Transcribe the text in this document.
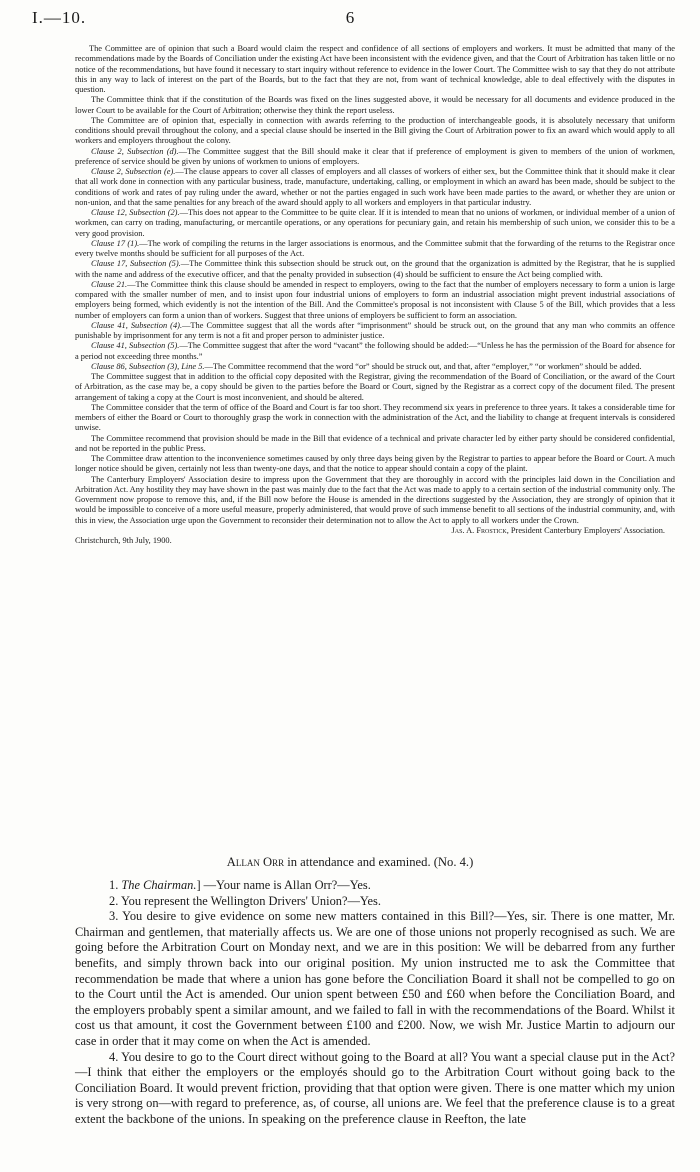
6
I.—10.

The Committee are of opinion that such a Board would claim the respect and confidence of all sections of employers and workers. It must be admitted that many of the recommendations made by the Boards of Conciliation under the existing Act have been inconsistent with the evidence given, and that the Court of Arbitration has taken little or no notice of the recommendations, but have found it necessary to start inquiry without reference to evidence in the lower Court. The Committee wish to say that they do not attribute this in any way to lack of interest on the part of the Boards, but to the fact that they are not, from want of technical knowledge, able to deal effectively with the disputes in question.

The Committee think that if the constitution of the Boards was fixed on the lines suggested above, it would be necessary for all documents and evidence produced in the lower Court to be available for the Court of Arbitration; otherwise they think the report useless.

The Committee are of opinion that, especially in connection with awards referring to the production of interchangeable goods, it is absolutely necessary that uniform conditions should prevail throughout the colony, and a special clause should be inserted in the Bill giving the Court of Arbitration power to fix an award which would apply to all workers and employers throughout the colony.

Clause 2, Subsection (d).—The Committee suggest that the Bill should make it clear that if preference of employment is given to members of the union of workmen, preference of service should be given by unions of workmen to unions of employers.

Clause 2, Subsection (e).—The clause appears to cover all classes of employers and all classes of workers of either sex, but the Committee think that it should make it clear that all work done in connection with any particular business, trade, manufacture, undertaking, calling, or employment in which an award has been made, should be subject to the conditions of work and rates of pay ruling under the award, whether or not the parties engaged in such work have been made parties to the award, or whether they are union or non-union, and that the same penalties for any breach of the award should apply to all workers and employers in that particular industry.

Clause 12, Subsection (2).—This does not appear to the Committee to be quite clear. If it is intended to mean that no unions of workmen, or individual member of a union of workmen, can carry on trading, manufacturing, or mercantile operations, or any operations for pecuniary gain, and retain his membership of such union, we consider this to be a very good provision.

Clause 17 (1).—The work of compiling the returns in the larger associations is enormous, and the Committee submit that the forwarding of the returns to the Registrar once every twelve months should be sufficient for all purposes of the Act.

Clause 17, Subsection (5).—The Committee think this subsection should be struck out, on the ground that the organization is admitted by the Registrar, that he is supplied with the name and address of the executive officer, and that the penalty provided in subsection (4) should be sufficient to ensure the Act being complied with.

Clause 21.—The Committee think this clause should be amended in respect to employers, owing to the fact that the number of employers necessary to form a union is large compared with the smaller number of men, and to insist upon four industrial unions of employers to form an industrial association might prevent industrial associations of employers being formed, which evidently is not the intention of the Bill. And the Committee's proposal is not inconsistent with Clause 5 of the Bill, which provides that a less number of employers can form a union than of workers. Suggest that three unions of employers be sufficient to form an association.

Clause 41, Subsection (4).—The Committee suggest that all the words after “imprisonment” should be struck out, on the ground that any man who commits an offence punishable by imprisonment for any term is not a fit and proper person to administer justice.

Clause 41, Subsection (5).—The Committee suggest that after the word “vacant” the following should be added:—“Unless he has the permission of the Board for absence for a period not exceeding three months.”

Clause 86, Subsection (3), Line 5.—The Committee recommend that the word “or” should be struck out, and that, after “employer,” “or workmen” should be added.

The Committee suggest that in addition to the official copy deposited with the Registrar, giving the recommendation of the Board of Conciliation, or the award of the Court of Arbitration, as the case may be, a copy should be given to the parties before the Board or Court, signed by the Registrar as a correct copy of the document filed. The present arrangement of taking a copy at the Court is most inconvenient, and should be altered.

The Committee consider that the term of office of the Board and Court is far too short. They recommend six years in preference to three years. It takes a considerable time for members of either the Board or Court to thoroughly grasp the work in connection with the administration of the Act, and the liability to change at frequent intervals is considered unwise.

The Committee recommend that provision should be made in the Bill that evidence of a technical and private character led by either party should be considered confidential, and not be reported in the public Press.

The Committee draw attention to the inconvenience sometimes caused by only three days being given by the Registrar to parties to appear before the Board or Court. A much longer notice should be given, certainly not less than twenty-one days, and that the notice to appear should contain a copy of the plaint.

The Canterbury Employers' Association desire to impress upon the Government that they are thoroughly in accord with the principles laid down in the Conciliation and Arbitration Act. Any hostility they may have shown in the past was mainly due to the fact that the Act was made to apply to a certain section of the industrial community only. The Government now propose to remove this, and, if the Bill now before the House is amended in the directions suggested by the Association, they are strongly of opinion that it would be impossible to conceive of a more useful measure, properly administered, that would prove of such immense benefit to all sections of the industrial community, and, with this in view, the Association urge upon the Government to reconsider their determination not to allow the Act to apply to all workers under the Crown.

Jas. A. Frostick, President Canterbury Employers' Association.

Christchurch, 9th July, 1900.

Allan Orr in attendance and examined. (No. 4.)

1. The Chairman.] —Your name is Allan Orr?—Yes.

2. You represent the Wellington Drivers' Union?—Yes.

3. You desire to give evidence on some new matters contained in this Bill?—Yes, sir. There is one matter, Mr. Chairman and gentlemen, that materially affects us. We are one of those unions not properly recognised as such. We are going before the Arbitration Court on Monday next, and we are in this position: We will be debarred from any further benefits, and simply thrown back into our original position. My union instructed me to ask the Committee that recommendation be made that where a union has gone before the Conciliation Board it shall not be compelled to go on to the Court until the Act is amended. Our union spent between £50 and £60 when before the Conciliation Board, and the employers probably spent a similar amount, and we failed to fall in with the recommendations of the Board. Whilst it cost us that amount, it cost the Government between £100 and £200. Now, we wish Mr. Justice Martin to adjourn our case in order that it may come on when the Act is amended.

4. You desire to go to the Court direct without going to the Board at all? You want a special clause put in the Act?—I think that either the employers or the employés should go to the Arbitration Court without going back to the Conciliation Board. It would prevent friction, providing that that option were given. There is one matter which my union is very strong on—with regard to preference, as, of course, all unions are. We feel that the preference clause is to a great extent the backbone of the unions. In speaking on the preference clause in Reefton, the late
